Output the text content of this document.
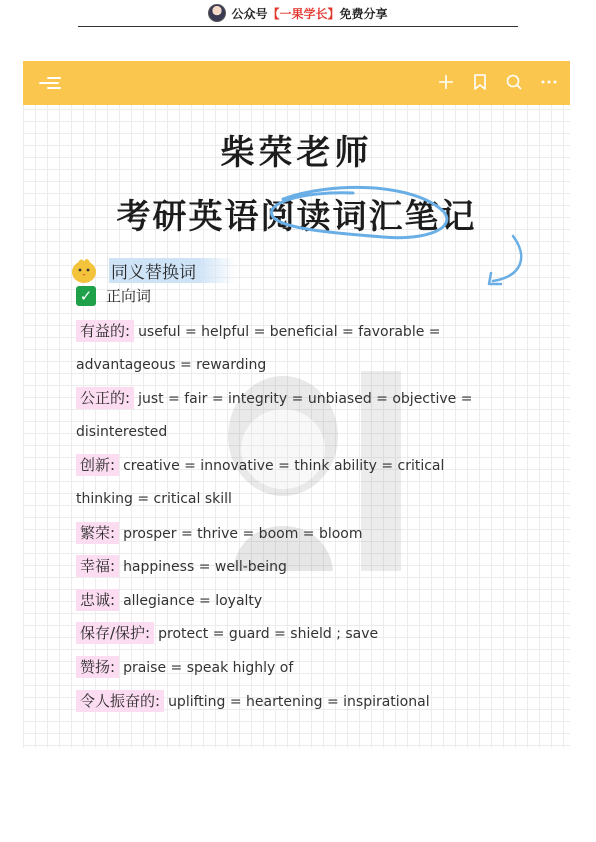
公众号 【一果学长】 免费分享
柴荣老师
考研英语阅读词汇笔记
同义替换词
✓ 正向词
有益的: useful = helpful = beneficial = favorable =
advantageous = rewarding
公正的: just = fair = integrity = unbiased = objective =
disinterested
创新: creative = innovative = think ability = critical
thinking = critical skill
繁荣: prosper = thrive = boom = bloom
幸福: happiness = well-being
忠诚: allegiance = loyalty
保存/保护: protect = guard = shield ; save
赞扬: praise = speak highly of
令人振奋的: uplifting = heartening = inspirational
